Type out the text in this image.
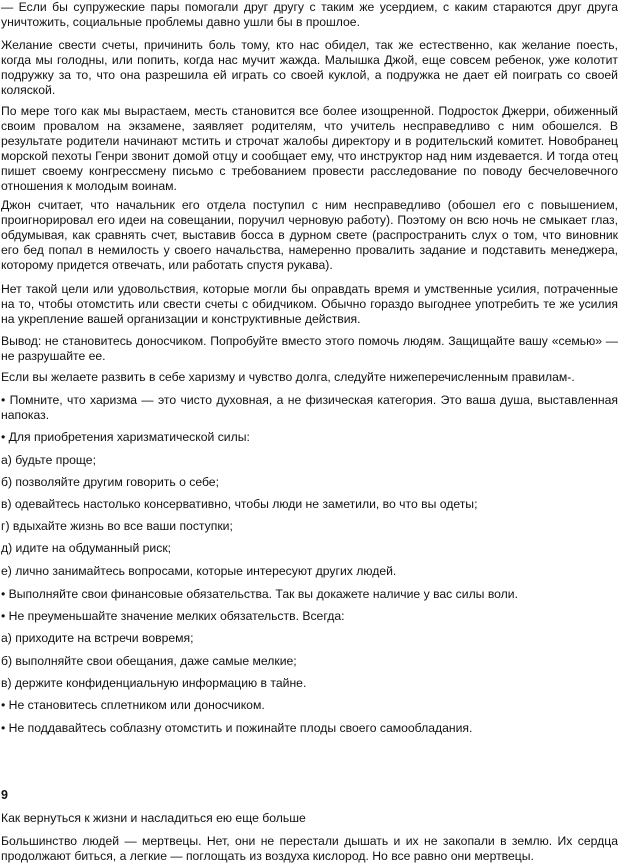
— Если бы супружеские пары помогали друг другу с таким же усердием, с каким стараются друг друга уничтожить, социальные проблемы давно ушли бы в прошлое.

Желание свести счеты, причинить боль тому, кто нас обидел, так же естественно, как желание поесть, когда мы голодны, или попить, когда нас мучит жажда. Малышка Джой, еще совсем ребенок, уже колотит подружку за то, что она разрешила ей играть со своей куклой, а подружка не дает ей поиграть со своей коляской.

По мере того как мы вырастаем, месть становится все более изощренной. Подросток Джерри, обиженный своим провалом на экзамене, заявляет родителям, что учитель несправедливо с ним обошелся. В результате родители начинают мстить и строчат жалобы директору и в родительский комитет. Новобранец морской пехоты Генри звонит домой отцу и сообщает ему, что инструктор над ним издевается. И тогда отец пишет своему конгрессмену письмо с требованием провести расследование по поводу бесчеловечного отношения к молодым воинам.

Джон считает, что начальник его отдела поступил с ним несправедливо (обошел его с повышением, проигнорировал его идеи на совещании, поручил черновую работу). Поэтому он всю ночь не смыкает глаз, обдумывая, как сравнять счет, выставив босса в дурном свете (распространить слух о том, что виновник его бед попал в немилость у своего начальства, намеренно провалить задание и подставить менеджера, которому придется отвечать, или работать спустя рукава).

Нет такой цели или удовольствия, которые могли бы оправдать время и умственные усилия, потраченные на то, чтобы отомстить или свести счеты с обидчиком. Обычно гораздо выгоднее употребить те же усилия на укрепление вашей организации и конструктивные действия.

Вывод: не становитесь доносчиком. Попробуйте вместо этого помочь людям. Защищайте вашу «семью» — не разрушайте ее.

Если вы желаете развить в себе харизму и чувство долга, следуйте нижеперечисленным правилам-.

• Помните, что харизма — это чисто духовная, а не физическая категория. Это ваша душа, выставленная напоказ.

• Для приобретения харизматической силы:

а) будьте проще;

б) позволяйте другим говорить о себе;

в) одевайтесь настолько консервативно, чтобы люди не заметили, во что вы одеты;

г) вдыхайте жизнь во все ваши поступки;

д) идите на обдуманный риск;

е) лично занимайтесь вопросами, которые интересуют других людей.

• Выполняйте свои финансовые обязательства. Так вы докажете наличие у вас силы воли.

• Не преуменьшайте значение мелких обязательств. Всегда:

а) приходите на встречи вовремя;

б) выполняйте свои обещания, даже самые мелкие;

в) держите конфиденциальную информацию в тайне.

• Не становитесь сплетником или доносчиком.

• Не поддавайтесь соблазну отомстить и пожинайте плоды своего самообладания.

9

Как вернуться к жизни и насладиться ею еще больше

Большинство людей — мертвецы. Нет, они не перестали дышать и их не закопали в землю. Их сердца продолжают биться, а легкие — поглощать из воздуха кислород. Но все равно они мертвецы.
